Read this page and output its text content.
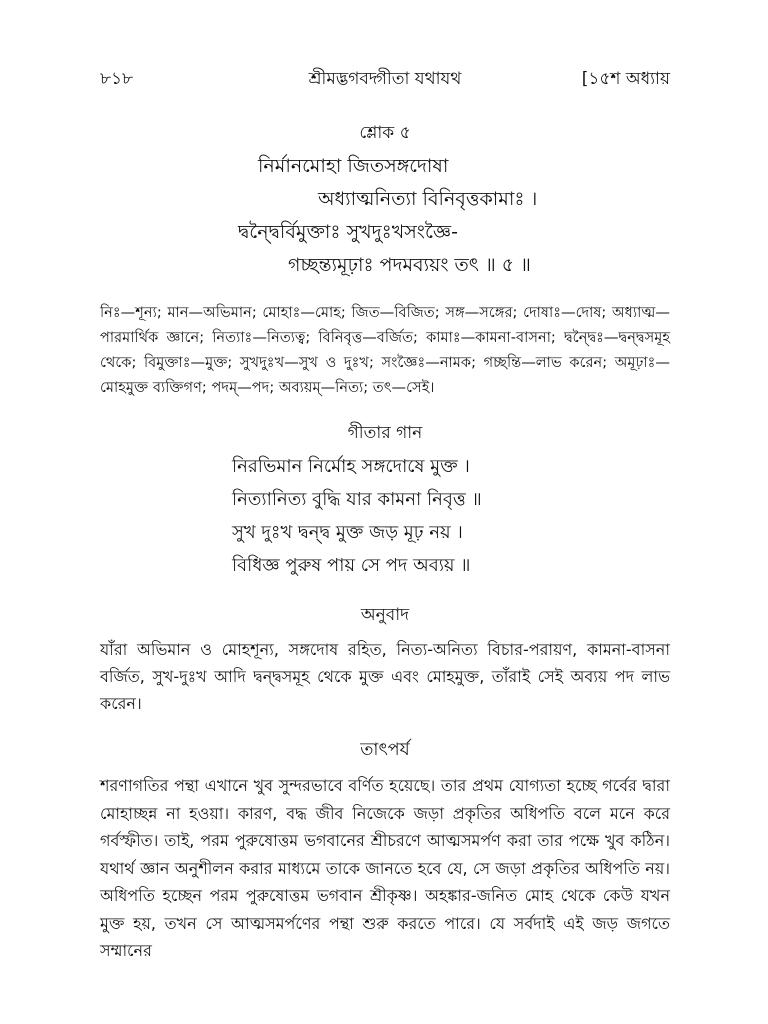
৮১৮	শ্রীমদ্ভগবদ্গীতা যথাযথ	[১৫শ অধ্যায়
শ্লোক ৫
নির্মানমোহা জিতসঙ্গদোষা
অধ্যাত্মনিত্যা বিনিবৃত্তকামাঃ ।
দ্বন্দ্বৈর্বিমুক্তাঃ সুখদুঃখসংজ্ঞৈ-
গচ্ছন্ত্যমূঢ়াঃ পদমব্যয়ং তৎ ॥ ৫ ॥
নিঃ—শূন্য; মান—অভিমান; মোহাঃ—মোহ; জিত—বিজিত; সঙ্গ—সঙ্গের; দোষাঃ—দোষ; অধ্যাত্ম—পারমার্থিক জ্ঞানে; নিত্যাঃ—নিত্যত্ব; বিনিবৃত্ত—বর্জিত; কামাঃ—কামনা-বাসনা; দ্বন্দ্বৈঃ—দ্বন্দ্বসমূহ থেকে; বিমুক্তাঃ—মুক্ত; সুখদুঃখ—সুখ ও দুঃখ; সংজ্ঞৈঃ—নামক; গচ্ছন্তি—লাভ করেন; অমূঢ়াঃ—মোহমুক্ত ব্যক্তিগণ; পদম্—পদ; অব্যয়ম্—নিত্য; তৎ—সেই।
গীতার গান
নিরভিমান নির্মোহ সঙ্গদোষে মুক্ত ।
নিত্যানিত্য বুদ্ধি যার কামনা নিবৃত্ত ॥
সুখ দুঃখ দ্বন্দ্ব মুক্ত জড় মূঢ় নয় ।
বিধিজ্ঞ পুরুষ পায় সে পদ অব্যয় ॥
অনুবাদ
যাঁরা অভিমান ও মোহশূন্য, সঙ্গদোষ রহিত, নিত্য-অনিত্য বিচার-পরায়ণ, কামনা-বাসনা বর্জিত, সুখ-দুঃখ আদি দ্বন্দ্বসমূহ থেকে মুক্ত এবং মোহমুক্ত, তাঁরাই সেই অব্যয় পদ লাভ করেন।
তাৎপর্য
শরণাগতির পন্থা এখানে খুব সুন্দরভাবে বর্ণিত হয়েছে। তার প্রথম যোগ্যতা হচ্ছে গর্বের দ্বারা মোহাচ্ছন্ন না হওয়া। কারণ, বদ্ধ জীব নিজেকে জড়া প্রকৃতির অধিপতি বলে মনে করে গর্বস্ফীত। তাই, পরম পুরুষোত্তম ভগবানের শ্রীচরণে আত্মসমর্পণ করা তার পক্ষে খুব কঠিন। যথার্থ জ্ঞান অনুশীলন করার মাধ্যমে তাকে জানতে হবে যে, সে জড়া প্রকৃতির অধিপতি নয়। অধিপতি হচ্ছেন পরম পুরুষোত্তম ভগবান শ্রীকৃষ্ণ। অহঙ্কার-জনিত মোহ থেকে কেউ যখন মুক্ত হয়, তখন সে আত্মসমর্পণের পন্থা শুরু করতে পারে। যে সর্বদাই এই জড় জগতে সম্মানের
